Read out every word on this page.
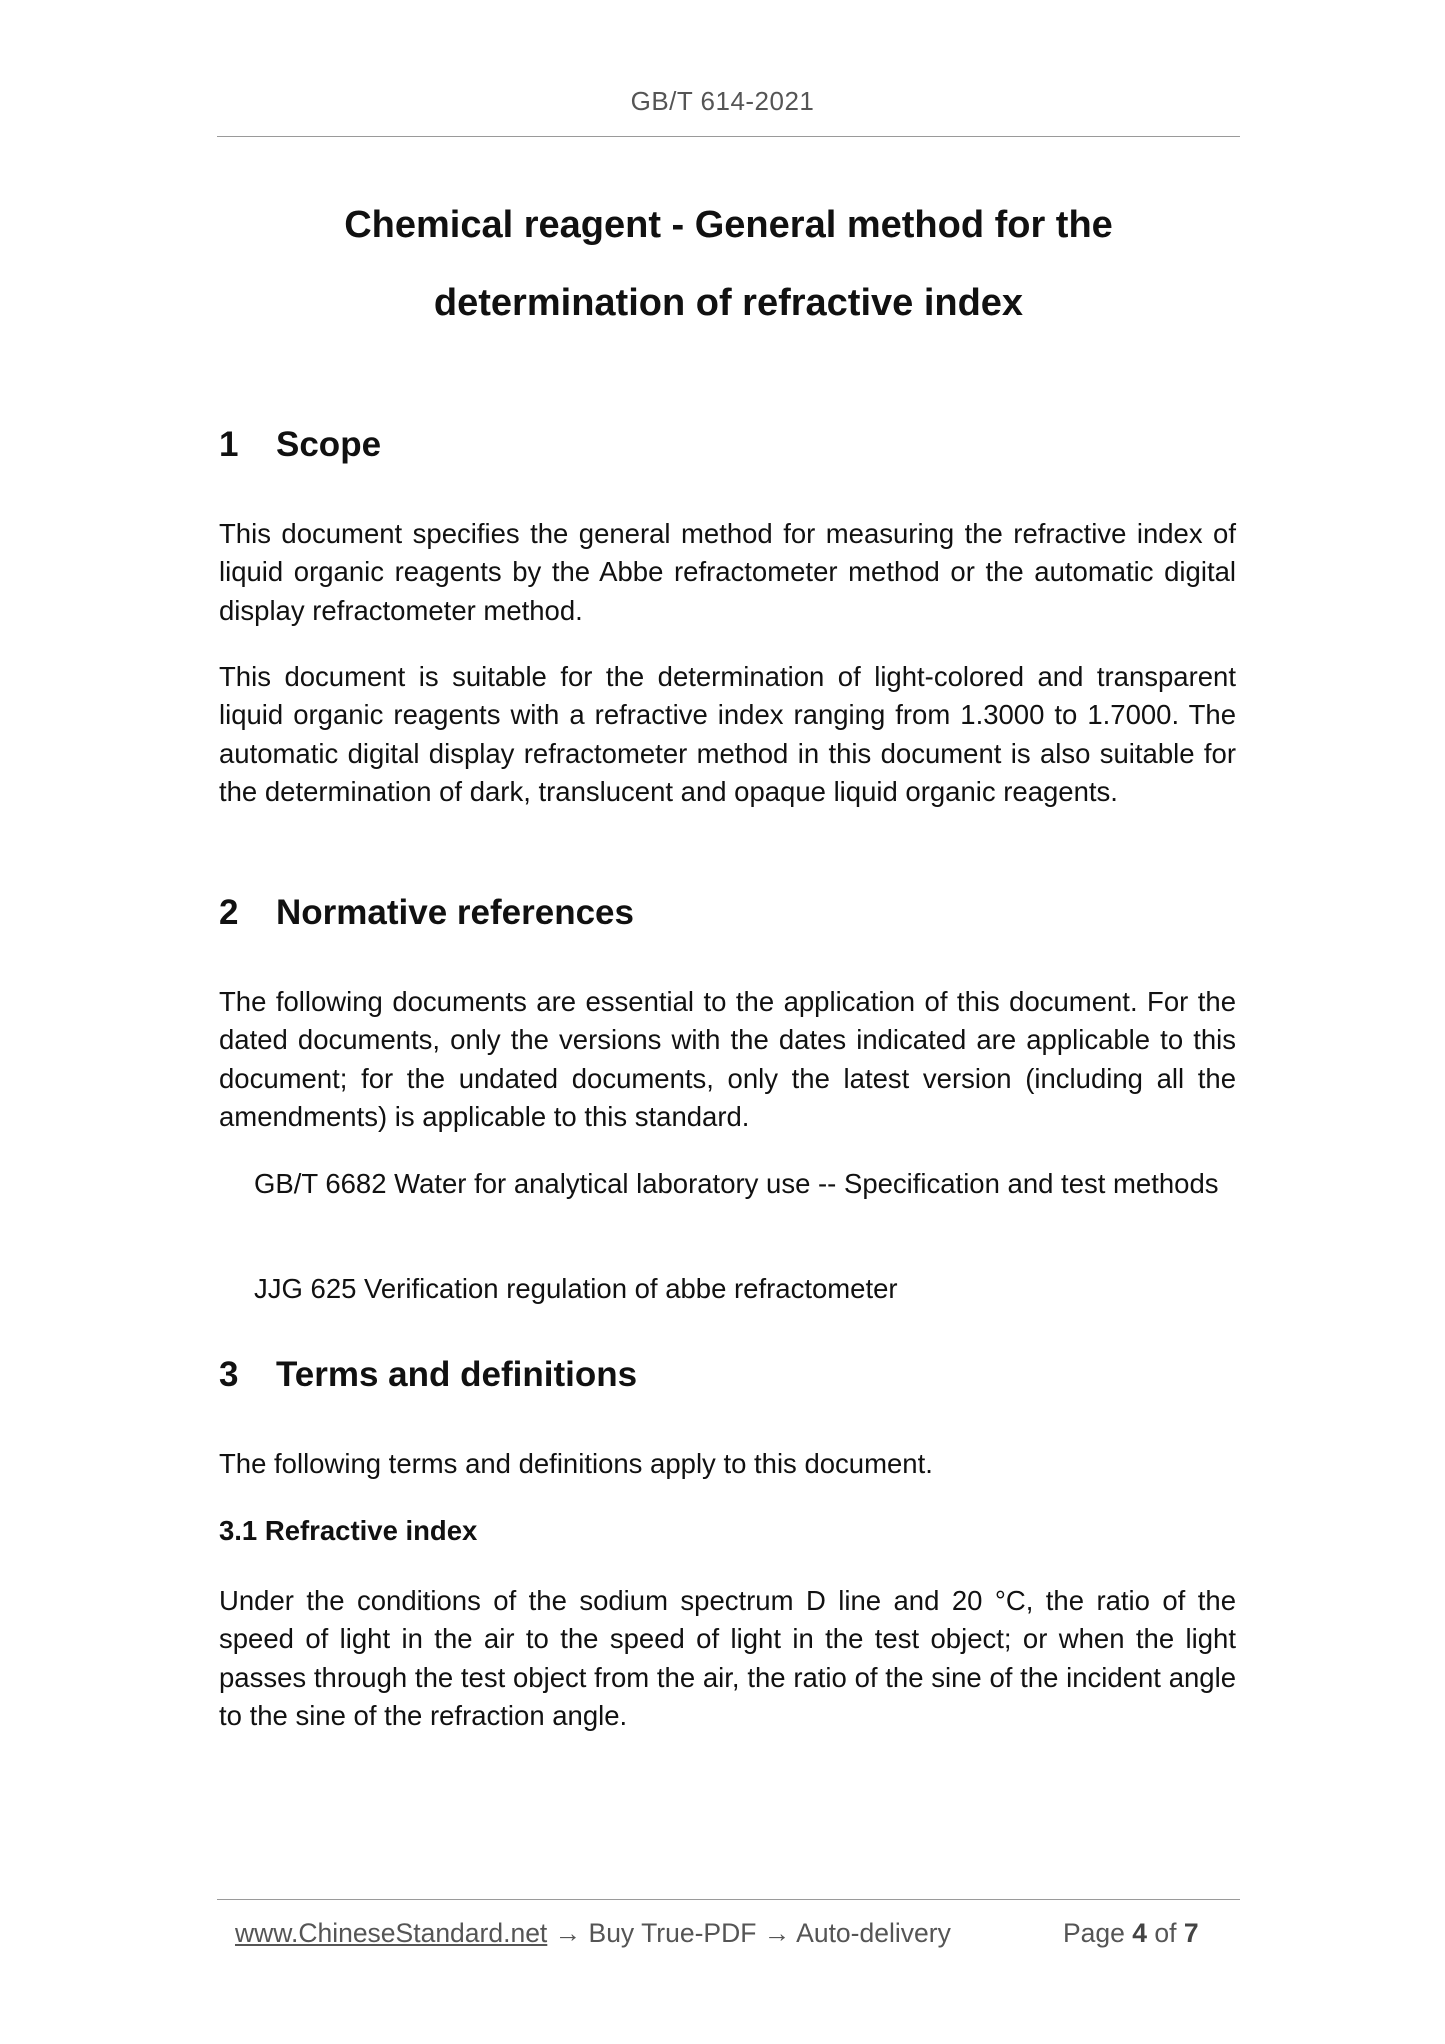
GB/T 614-2021
Chemical reagent - General method for the
determination of refractive index
1 Scope

This document specifies the general method for measuring the refractive index of liquid organic reagents by the Abbe refractometer method or the automatic digital display refractometer method.

This document is suitable for the determination of light-colored and transparent liquid organic reagents with a refractive index ranging from 1.3000 to 1.7000. The automatic digital display refractometer method in this document is also suitable for the determination of dark, translucent and opaque liquid organic reagents.

2 Normative references

The following documents are essential to the application of this document. For the dated documents, only the versions with the dates indicated are applicable to this document; for the undated documents, only the latest version (including all the amendments) is applicable to this standard.

GB/T 6682 Water for analytical laboratory use -- Specification and test methods

JJG 625 Verification regulation of abbe refractometer

3 Terms and definitions

The following terms and definitions apply to this document.

3.1 Refractive index

Under the conditions of the sodium spectrum D line and 20 °C, the ratio of the speed of light in the air to the speed of light in the test object; or when the light passes through the test object from the air, the ratio of the sine of the incident angle to the sine of the refraction angle.

www.ChineseStandard.net → Buy True-PDF → Auto-delivery	Page 4 of 7
